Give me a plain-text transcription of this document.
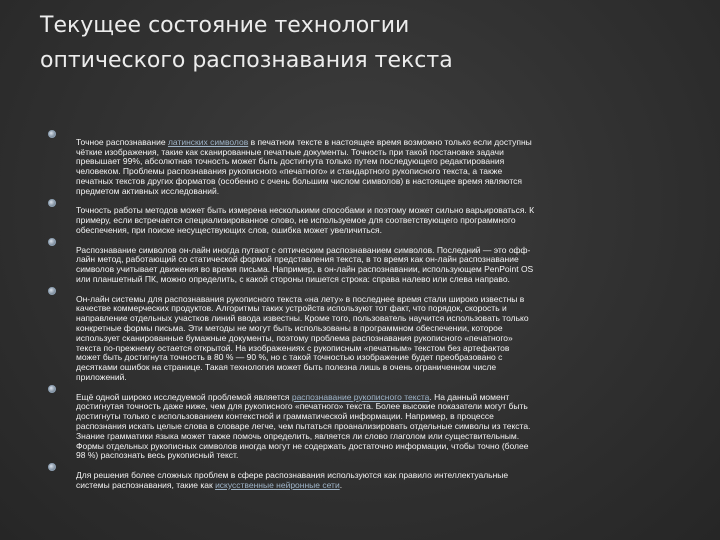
Текущее состояние технологии
оптического распознавания текста

Точное распознавание латинских символов в печатном тексте в настоящее время возможно только если доступны
чёткие изображения, такие как сканированные печатные документы. Точность при такой постановке задачи
превышает 99%, абсолютная точность может быть достигнута только путем последующего редактирования
человеком. Проблемы распознавания рукописного «печатного» и стандартного рукописного текста, а также
печатных текстов других форматов (особенно с очень большим числом символов) в настоящее время являются
предметом активных исследований.

Точность работы методов может быть измерена несколькими способами и поэтому может сильно варьироваться. К
примеру, если встречается специализированное слово, не используемое для соответствующего программного
обеспечения, при поиске несуществующих слов, ошибка может увеличиться.

Распознавание символов он-лайн иногда путают с оптическим распознаванием символов. Последний — это офф-
лайн метод, работающий со статической формой представления текста, в то время как он-лайн распознавание
символов учитывает движения во время письма. Например, в он-лайн распознавании, использующем PenPoint OS
или планшетный ПК, можно определить, с какой стороны пишется строка: справа налево или слева направо.

Он-лайн системы для распознавания рукописного текста «на лету» в последнее время стали широко известны в
качестве коммерческих продуктов. Алгоритмы таких устройств используют тот факт, что порядок, скорость и
направление отдельных участков линий ввода известны. Кроме того, пользователь научится использовать только
конкретные формы письма. Эти методы не могут быть использованы в программном обеспечении, которое
использует сканированные бумажные документы, поэтому проблема распознавания рукописного «печатного»
текста по-прежнему остается открытой. На изображениях с рукописным «печатным» текстом без артефактов
может быть достигнута точность в 80 % — 90 %, но с такой точностью изображение будет преобразовано с
десятками ошибок на странице. Такая технология может быть полезна лишь в очень ограниченном числе
приложений.

Ещё одной широко исследуемой проблемой является распознавание рукописного текста. На данный момент
достигнутая точность даже ниже, чем для рукописного «печатного» текста. Более высокие показатели могут быть
достигнуты только с использованием контекстной и грамматической информации. Например, в процессе
распознания искать целые слова в словаре легче, чем пытаться проанализировать отдельные символы из текста.
Знание грамматики языка может также помочь определить, является ли слово глаголом или существительным.
Формы отдельных рукописных символов иногда могут не содержать достаточно информации, чтобы точно (более
98 %) распознать весь рукописный текст.

Для решения более сложных проблем в сфере распознавания используются как правило интеллектуальные
системы распознавания, такие как искусственные нейронные сети.
